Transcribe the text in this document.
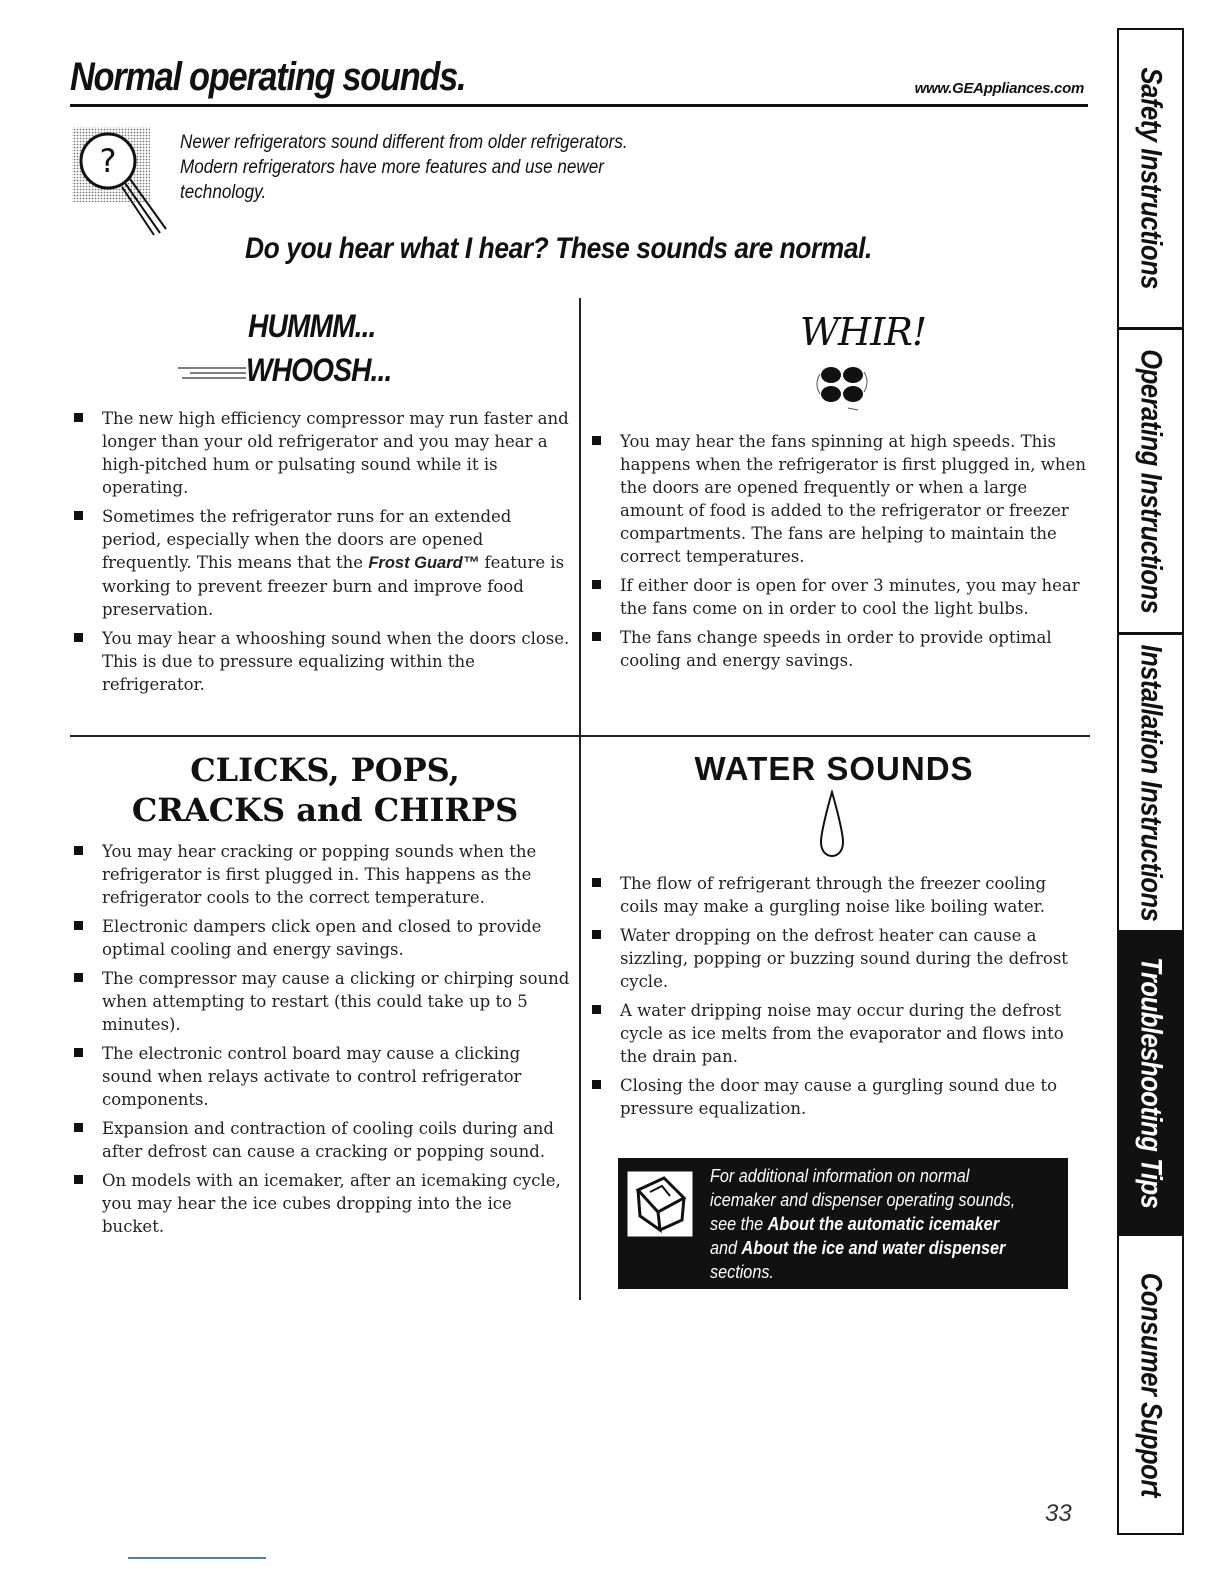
Normal operating sounds.	www.GEAppliances.com
?	Newer refrigerators sound different from older refrigerators.
Modern refrigerators have more features and use newer
technology.
Do you hear what I hear? These sounds are normal.
HUMMM...
WHOOSH...
The new high efficiency compressor may run faster and longer than your old refrigerator and you may hear a high-pitched hum or pulsating sound while it is operating.
Sometimes the refrigerator runs for an extended period, especially when the doors are opened frequently. This means that the Frost Guard™ feature is working to prevent freezer burn and improve food preservation.
You may hear a whooshing sound when the doors close. This is due to pressure equalizing within the refrigerator.
WHIR!
You may hear the fans spinning at high speeds. This happens when the refrigerator is first plugged in, when the doors are opened frequently or when a large amount of food is added to the refrigerator or freezer compartments. The fans are helping to maintain the correct temperatures.
If either door is open for over 3 minutes, you may hear the fans come on in order to cool the light bulbs.
The fans change speeds in order to provide optimal cooling and energy savings.
CLICKS, POPS,
CRACKS and CHIRPS
You may hear cracking or popping sounds when the refrigerator is first plugged in. This happens as the refrigerator cools to the correct temperature.
Electronic dampers click open and closed to provide optimal cooling and energy savings.
The compressor may cause a clicking or chirping sound when attempting to restart (this could take up to 5 minutes).
The electronic control board may cause a clicking sound when relays activate to control refrigerator components.
Expansion and contraction of cooling coils during and after defrost can cause a cracking or popping sound.
On models with an icemaker, after an icemaking cycle, you may hear the ice cubes dropping into the ice bucket.
WATER SOUNDS
The flow of refrigerant through the freezer cooling coils may make a gurgling noise like boiling water.
Water dropping on the defrost heater can cause a sizzling, popping or buzzing sound during the defrost cycle.
A water dripping noise may occur during the defrost cycle as ice melts from the evaporator and flows into the drain pan.
Closing the door may cause a gurgling sound due to pressure equalization.
For additional information on normal icemaker and dispenser operating sounds, see the About the automatic icemaker and About the ice and water dispenser sections.
33
Safety Instructions
Operating Instructions
Installation Instructions
Troubleshooting Tips
Consumer Support
